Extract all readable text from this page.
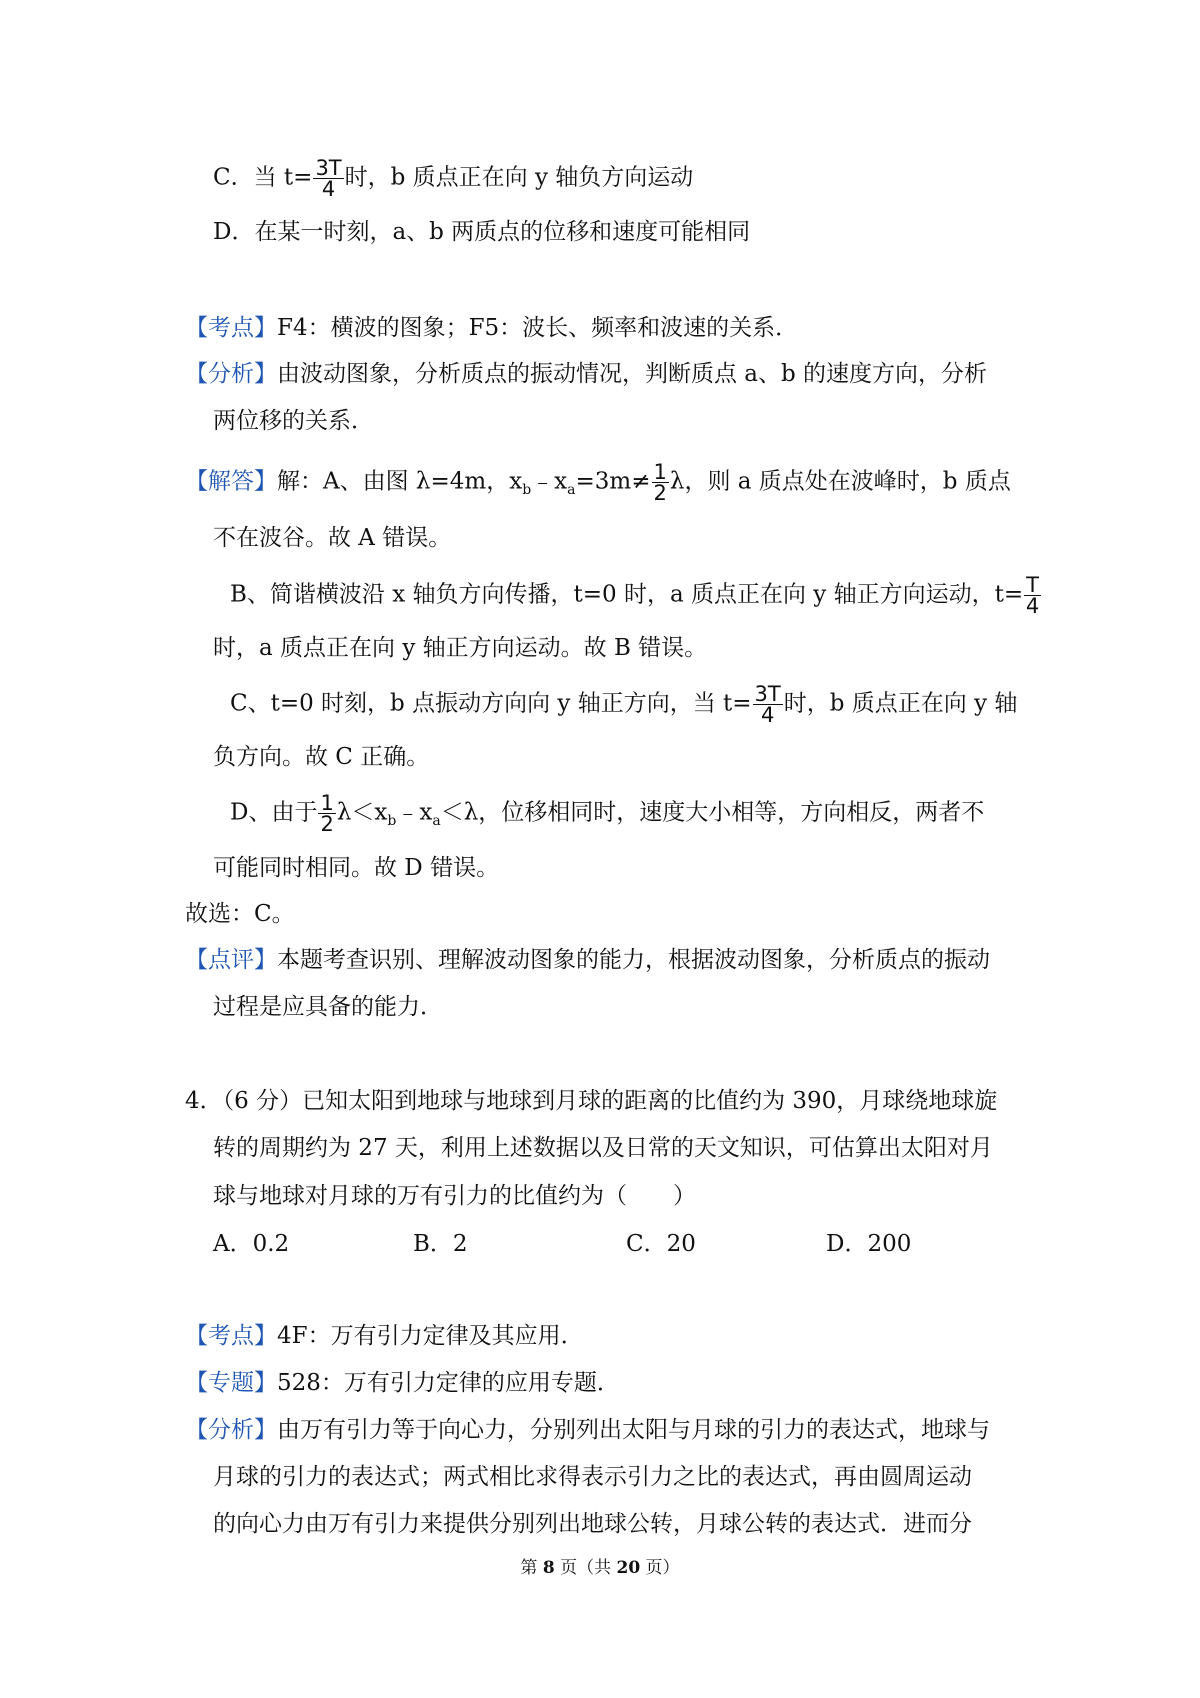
C．当 $t= \frac{3T}{4}$ 时，b 质点正在向 y 轴负方向运动
D．在某一时刻，a、b 两质点的位移和速度可能相同
【考点】F4：横波的图象；F5：波长、频率和波速的关系．
【分析】由波动图象，分析质点的振动情况，判断质点 a、b 的速度方向，分析
两位移的关系．
【解答】解：A、由图 λ=4m，$x_b﹣x_a=3m\ne \frac{1}{2}$ λ，则 a 质点处在波峰时，b 质点
不在波谷。故 A 错误。
B、简谐横波沿 x 轴负方向传播，t=0 时，a 质点正在向 y 轴正方向运动，$t= \frac{T}{4}$
时，a 质点正在向 y 轴正方向运动。故 B 错误。
C、t=0 时刻，b 点振动方向向 y 轴正方向，当 $t= \frac{3T}{4}$ 时，b 质点正在向 y 轴
负方向。故 C 正确。
D、由于 $\frac{1}{2}$ $\lambda<x_b﹣x_a<\lambda$，位移相同时，速度大小相等，方向相反，两者不
可能同时相同。故 D 错误。
故选：C。
【点评】本题考查识别、理解波动图象的能力，根据波动图象，分析质点的振动
过程是应具备的能力．
4．（6 分）已知太阳到地球与地球到月球的距离的比值约为 390，月球绕地球旋
转的周期约为 27 天，利用上述数据以及日常的天文知识，可估算出太阳对月
球与地球对月球的万有引力的比值约为（　　）
A．0.2	B．2	C．20	D．200
【考点】4F：万有引力定律及其应用．
【专题】528：万有引力定律的应用专题．
【分析】由万有引力等于向心力，分别列出太阳与月球的引力的表达式，地球与
月球的引力的表达式；两式相比求得表示引力之比的表达式，再由圆周运动
的向心力由万有引力来提供分别列出地球公转，月球公转的表达式．进而分
第 8 页（共 20 页）
